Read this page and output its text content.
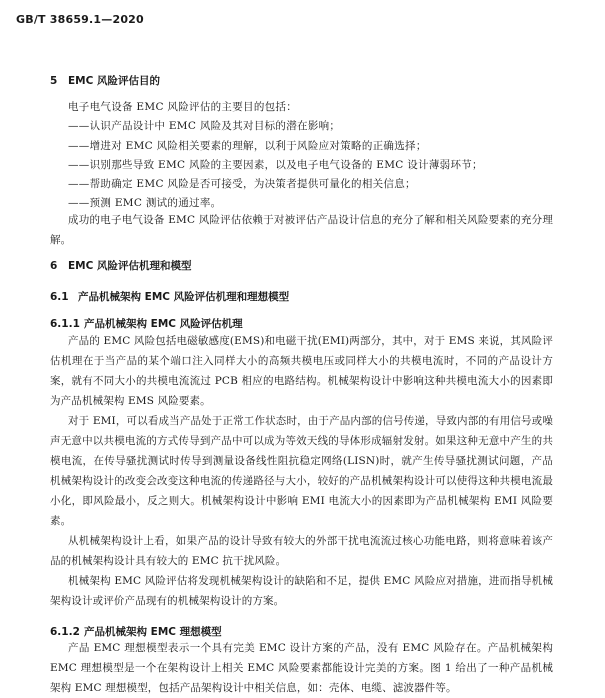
GB/T 38659.1—2020
5 EMC 风险评估目的
电子电气设备 EMC 风险评估的主要目的包括：
——认识产品设计中 EMC 风险及其对目标的潜在影响；
——增进对 EMC 风险相关要素的理解，以利于风险应对策略的正确选择；
——识别那些导致 EMC 风险的主要因素，以及电子电气设备的 EMC 设计薄弱环节；
——帮助确定 EMC 风险是否可接受，为决策者提供可量化的相关信息；
——预测 EMC 测试的通过率。
成功的电子电气设备 EMC 风险评估依赖于对被评估产品设计信息的充分了解和相关风险要素的充分理解。
6 EMC 风险评估机理和模型
6.1 产品机械架构 EMC 风险评估机理和理想模型
6.1.1 产品机械架构 EMC 风险评估机理
产品的 EMC 风险包括电磁敏感度(EMS)和电磁干扰(EMI)两部分，其中，对于 EMS 来说，其风险评估机理在于当产品的某个端口注入同样大小的高频共模电压或同样大小的共模电流时，不同的产品设计方案，就有不同大小的共模电流流过 PCB 相应的电路结构。机械架构设计中影响这种共模电流大小的因素即为产品机械架构 EMS 风险要素。
对于 EMI，可以看成当产品处于正常工作状态时，由于产品内部的信号传递，导致内部的有用信号或噪声无意中以共模电流的方式传导到产品中可以成为等效天线的导体形成辐射发射。如果这种无意中产生的共模电流，在传导骚扰测试时传导到测量设备线性阻抗稳定网络(LISN)时，就产生传导骚扰测试问题，产品机械架构设计的改变会改变这种电流的传递路径与大小，较好的产品机械架构设计可以使得这种共模电流最小化，即风险最小，反之则大。机械架构设计中影响 EMI 电流大小的因素即为产品机械架构 EMI 风险要素。
从机械架构设计上看，如果产品的设计导致有较大的外部干扰电流流过核心功能电路，则将意味着该产品的机械架构设计具有较大的 EMC 抗干扰风险。
机械架构 EMC 风险评估将发现机械架构设计的缺陷和不足，提供 EMC 风险应对措施，进而指导机械架构设计或评价产品现有的机械架构设计的方案。
6.1.2 产品机械架构 EMC 理想模型
产品 EMC 理想模型表示一个具有完美 EMC 设计方案的产品，没有 EMC 风险存在。产品机械架构 EMC 理想模型是一个在架构设计上相关 EMC 风险要素都能设计完美的方案。图 1 给出了一种产品机械架构 EMC 理想模型，包括产品架构设计中相关信息，如：壳体、电缆、滤波器件等。
